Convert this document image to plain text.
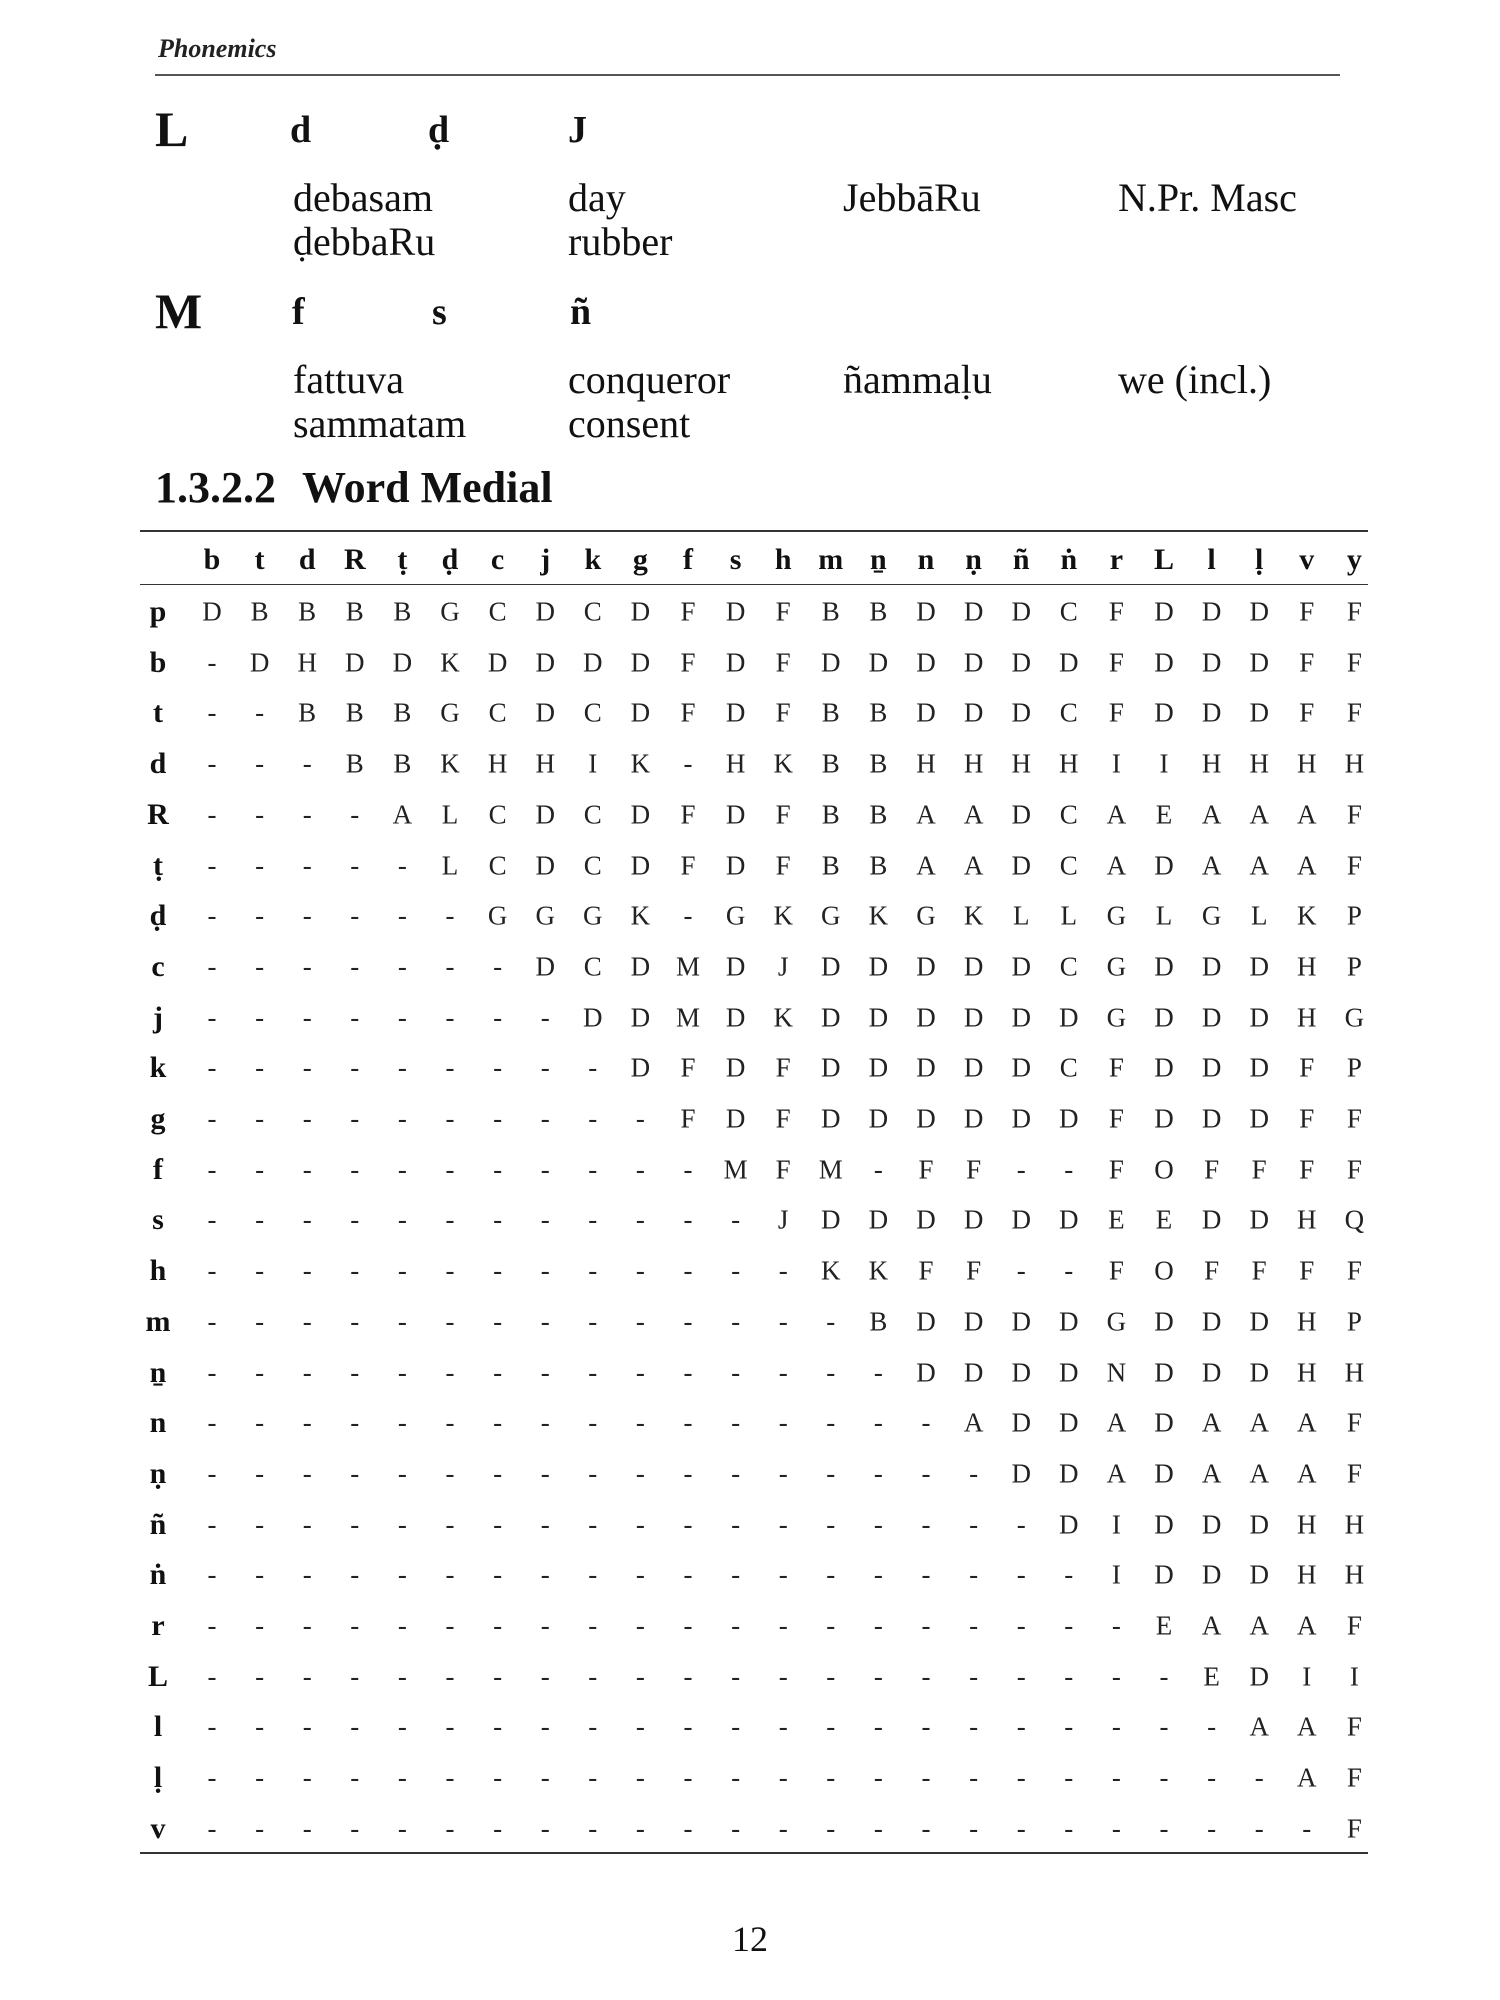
Phonemics
L	d	ḍ	J
debasam	day	JebbāRu	N.Pr. Masc
ḍebbaRu	rubber
M f	s	ñ
fattuva	conqueror	ñammaḷu	we (incl.)
sammatam	consent
1.3.2.2 Word Medial
b t d R ṭ ḍ c j k g f s h m ṉ n ṇ ñ ṅ r L l ḷ v y
p D B B B B G C D C D F D F B B D D D C F D D D F F
b - D H D D K D D D D F D F D D D D D D F D D D F F
t - - B B B G C D C D F D F B B D D D C F D D D F F
d - - - B B K H H I K - H K B B H H H H I I H H H H
R - - - - A L C D C D F D F B B A A D C A E A A A F
ṭ - - - - - L C D C D F D F B B A A D C A D A A A F
ḍ - - - - - - G G G K - G K G K G K L L G L G L K P
c - - - - - - - D C D M D J D D D D D C G D D D H P
j - - - - - - - - D D M D K D D D D D D G D D D H G
k - - - - - - - - - D F D F D D D D D C F D D D F P
g - - - - - - - - - - F D F D D D D D D F D D D F F
f - - - - - - - - - - - M F M - F F - - F O F F F F
s - - - - - - - - - - - - J D D D D D D E E D D H Q
h - - - - - - - - - - - - - K K F F - - F O F F F F
m - - - - - - - - - - - - - - B D D D D G D D D H P
ṉ - - - - - - - - - - - - - - - D D D D N D D D H H
n - - - - - - - - - - - - - - - - A D D A D A A A F
ṇ - - - - - - - - - - - - - - - - - D D A D A A A F
ñ - - - - - - - - - - - - - - - - - - D I D D D H H
ṅ - - - - - - - - - - - - - - - - - - - I D D D H H
r - - - - - - - - - - - - - - - - - - - - E A A A F
L - - - - - - - - - - - - - - - - - - - - - E D I I
l - - - - - - - - - - - - - - - - - - - - - - A A F
ḷ - - - - - - - - - - - - - - - - - - - - - - - A F
v - - - - - - - - - - - - - - - - - - - - - - - - F
12
